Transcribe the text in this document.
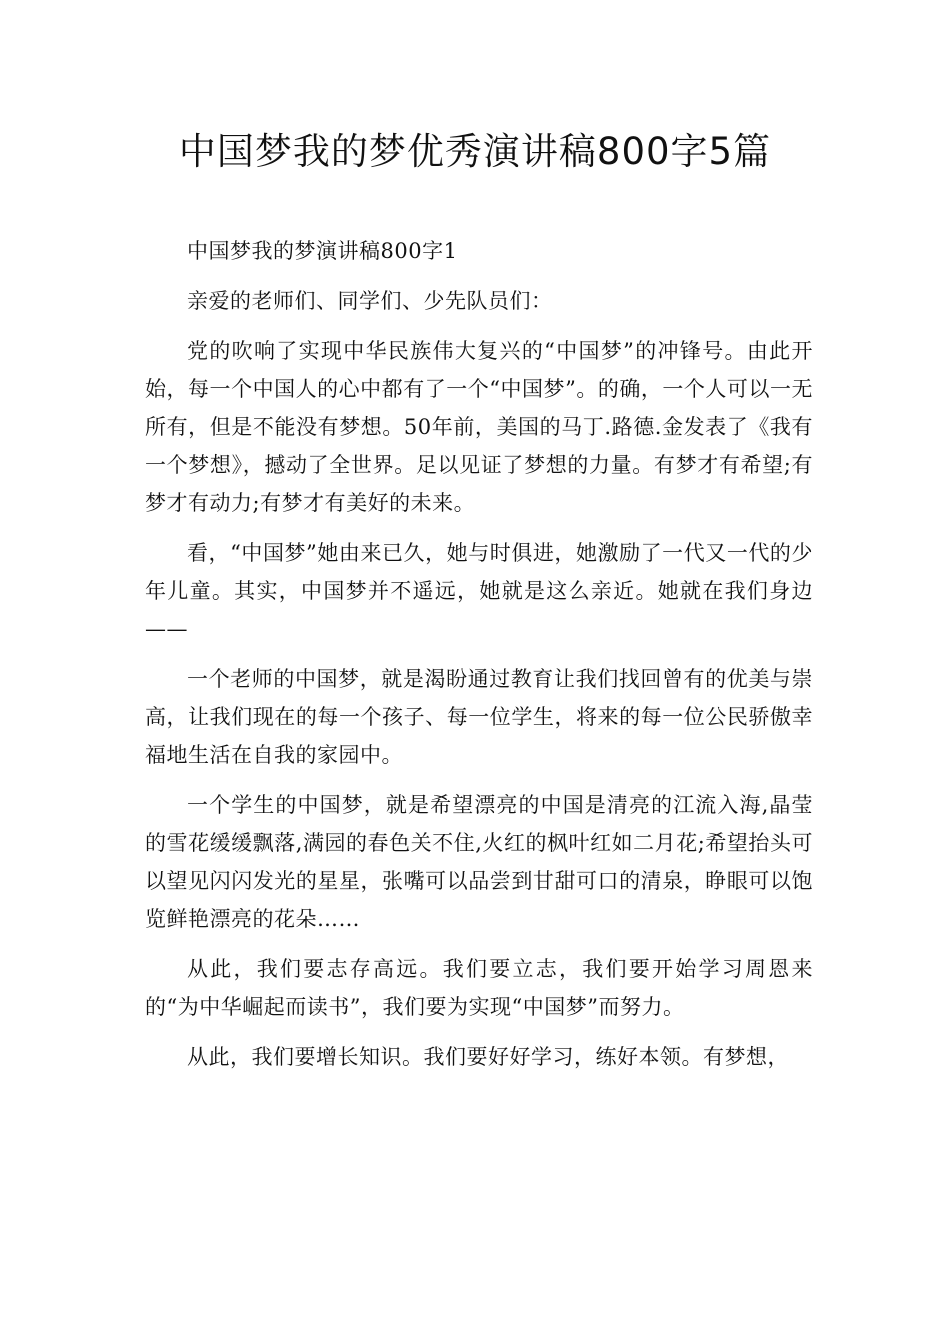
中国梦我的梦优秀演讲稿800字5篇

中国梦我的梦演讲稿800字1

亲爱的老师们、同学们、少先队员们：

党的吹响了实现中华民族伟大复兴的“中国梦”的冲锋号。由此开始，每一个中国人的心中都有了一个“中国梦”。的确，一个人可以一无所有，但是不能没有梦想。50年前，美国的马丁.路德.金发表了《我有一个梦想》，撼动了全世界。足以见证了梦想的力量。有梦才有希望;有梦才有动力;有梦才有美好的未来。

看，“中国梦”她由来已久，她与时俱进，她激励了一代又一代的少年儿童。其实，中国梦并不遥远，她就是这么亲近。她就在我们身边——

一个老师的中国梦，就是渴盼通过教育让我们找回曾有的优美与崇高，让我们现在的每一个孩子、每一位学生，将来的每一位公民骄傲幸福地生活在自我的家园中。

一个学生的中国梦，就是希望漂亮的中国是清亮的江流入海,晶莹的雪花缓缓飘落,满园的春色关不住,火红的枫叶红如二月花;希望抬头可以望见闪闪发光的星星，张嘴可以品尝到甘甜可口的清泉，睁眼可以饱览鲜艳漂亮的花朵……

从此，我们要志存高远。我们要立志，我们要开始学习周恩来的“为中华崛起而读书”，我们要为实现“中国梦”而努力。

从此，我们要增长知识。我们要好好学习，练好本领。有梦想，
